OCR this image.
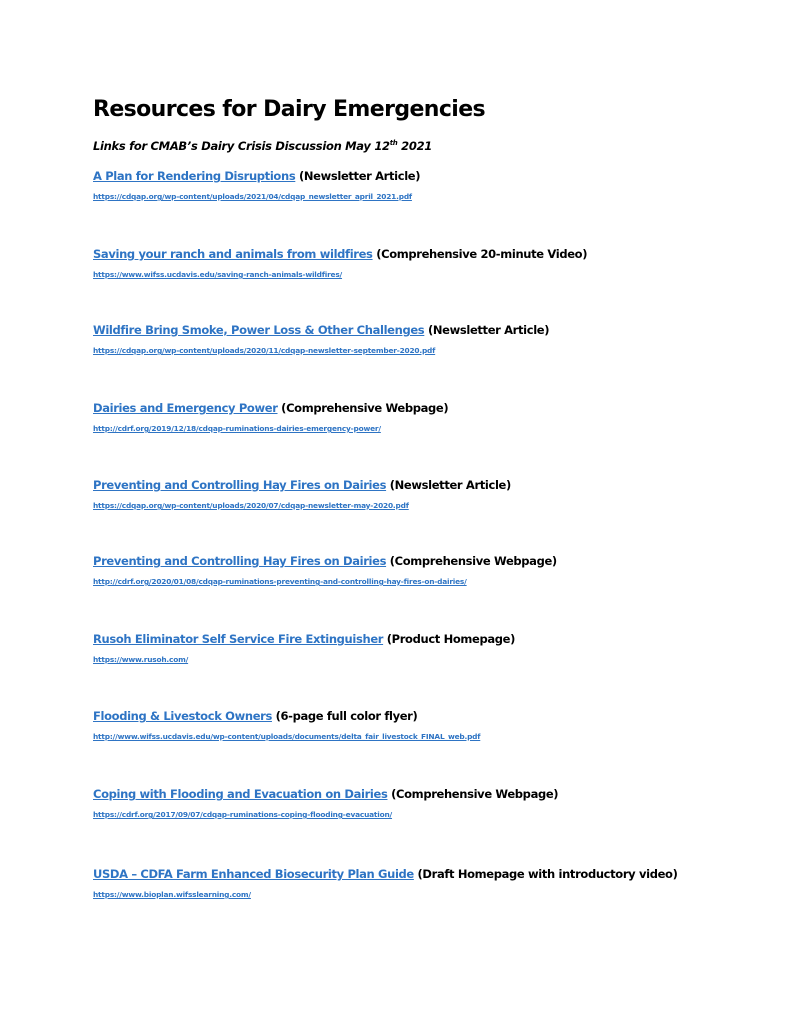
Resources for Dairy Emergencies
Links for CMAB’s Dairy Crisis Discussion May 12th 2021
A Plan for Rendering Disruptions (Newsletter Article)
https://cdqap.org/wp-content/uploads/2021/04/cdqap_newsletter_april_2021.pdf
Saving your ranch and animals from wildfires (Comprehensive 20-minute Video)
https://www.wifss.ucdavis.edu/saving-ranch-animals-wildfires/
Wildfire Bring Smoke, Power Loss & Other Challenges (Newsletter Article)
https://cdqap.org/wp-content/uploads/2020/11/cdqap-newsletter-september-2020.pdf
Dairies and Emergency Power (Comprehensive Webpage)
http://cdrf.org/2019/12/18/cdqap-ruminations-dairies-emergency-power/
Preventing and Controlling Hay Fires on Dairies (Newsletter Article)
https://cdqap.org/wp-content/uploads/2020/07/cdqap-newsletter-may-2020.pdf
Preventing and Controlling Hay Fires on Dairies (Comprehensive Webpage)
http://cdrf.org/2020/01/08/cdqap-ruminations-preventing-and-controlling-hay-fires-on-dairies/
Rusoh Eliminator Self Service Fire Extinguisher (Product Homepage)
https://www.rusoh.com/
Flooding & Livestock Owners (6-page full color flyer)
http://www.wifss.ucdavis.edu/wp-content/uploads/documents/delta_fair_livestock_FINAL_web.pdf
Coping with Flooding and Evacuation on Dairies (Comprehensive Webpage)
https://cdrf.org/2017/09/07/cdqap-ruminations-coping-flooding-evacuation/
USDA – CDFA Farm Enhanced Biosecurity Plan Guide (Draft Homepage with introductory video)
https://www.bioplan.wifsslearning.com/
